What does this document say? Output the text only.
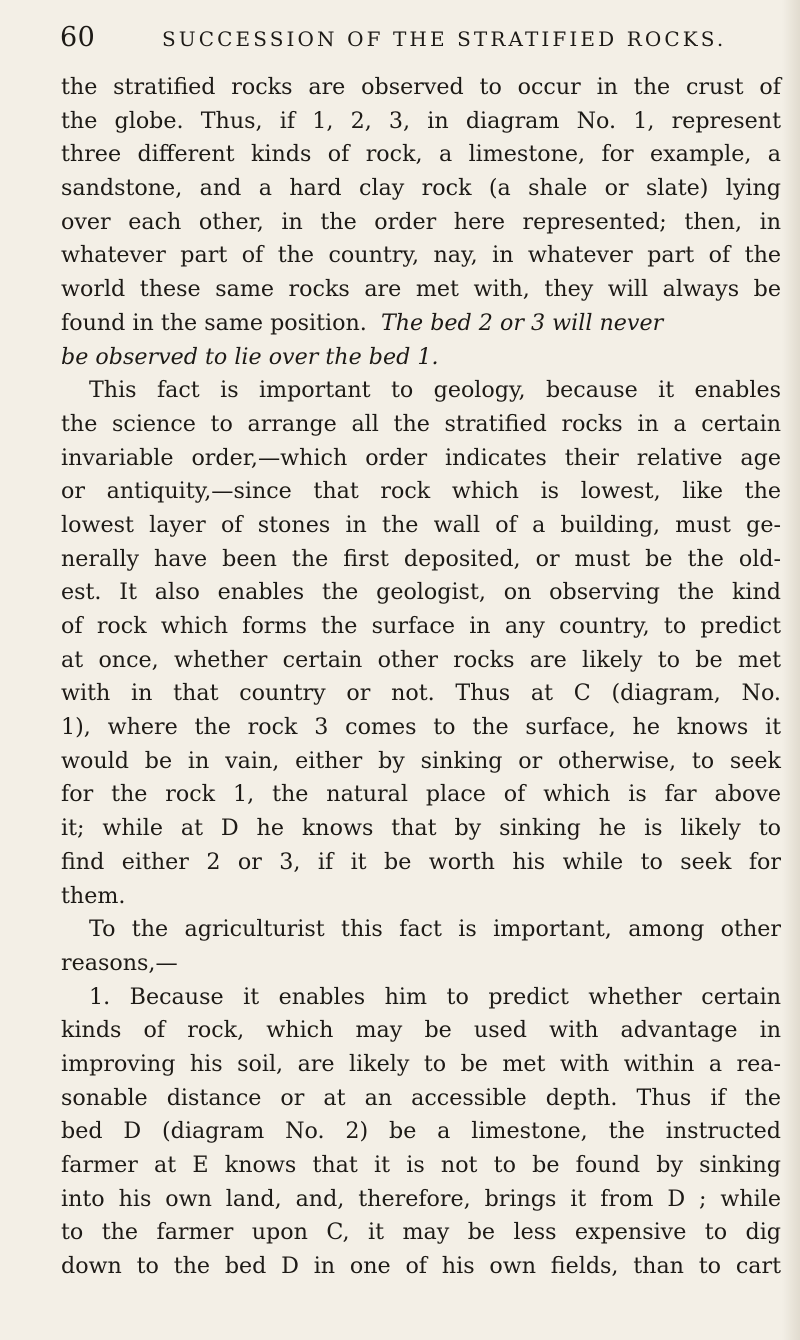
60	SUCCESSION OF THE STRATIFIED ROCKS.
the stratified rocks are observed to occur in the crust of
the globe. Thus, if 1, 2, 3, in diagram No. 1, represent
three different kinds of rock, a limestone, for example, a
sandstone, and a hard clay rock (a shale or slate) lying
over each other, in the order here represented; then, in
whatever part of the country, nay, in whatever part of the
world these same rocks are met with, they will always be
found in the same position. The bed 2 or 3 will never
be observed to lie over the bed 1.
This fact is important to geology, because it enables
the science to arrange all the stratified rocks in a certain
invariable order,—which order indicates their relative age
or antiquity,—since that rock which is lowest, like the
lowest layer of stones in the wall of a building, must ge-
nerally have been the first deposited, or must be the old-
est. It also enables the geologist, on observing the kind
of rock which forms the surface in any country, to predict
at once, whether certain other rocks are likely to be met
with in that country or not. Thus at C (diagram, No.
1), where the rock 3 comes to the surface, he knows it
would be in vain, either by sinking or otherwise, to seek
for the rock 1, the natural place of which is far above
it; while at D he knows that by sinking he is likely to
find either 2 or 3, if it be worth his while to seek for
them.
To the agriculturist this fact is important, among other
reasons,—
1. Because it enables him to predict whether certain
kinds of rock, which may be used with advantage in
improving his soil, are likely to be met with within a rea-
sonable distance or at an accessible depth. Thus if the
bed D (diagram No. 2) be a limestone, the instructed
farmer at E knows that it is not to be found by sinking
into his own land, and, therefore, brings it from D ; while
to the farmer upon C, it may be less expensive to dig
down to the bed D in one of his own fields, than to cart
